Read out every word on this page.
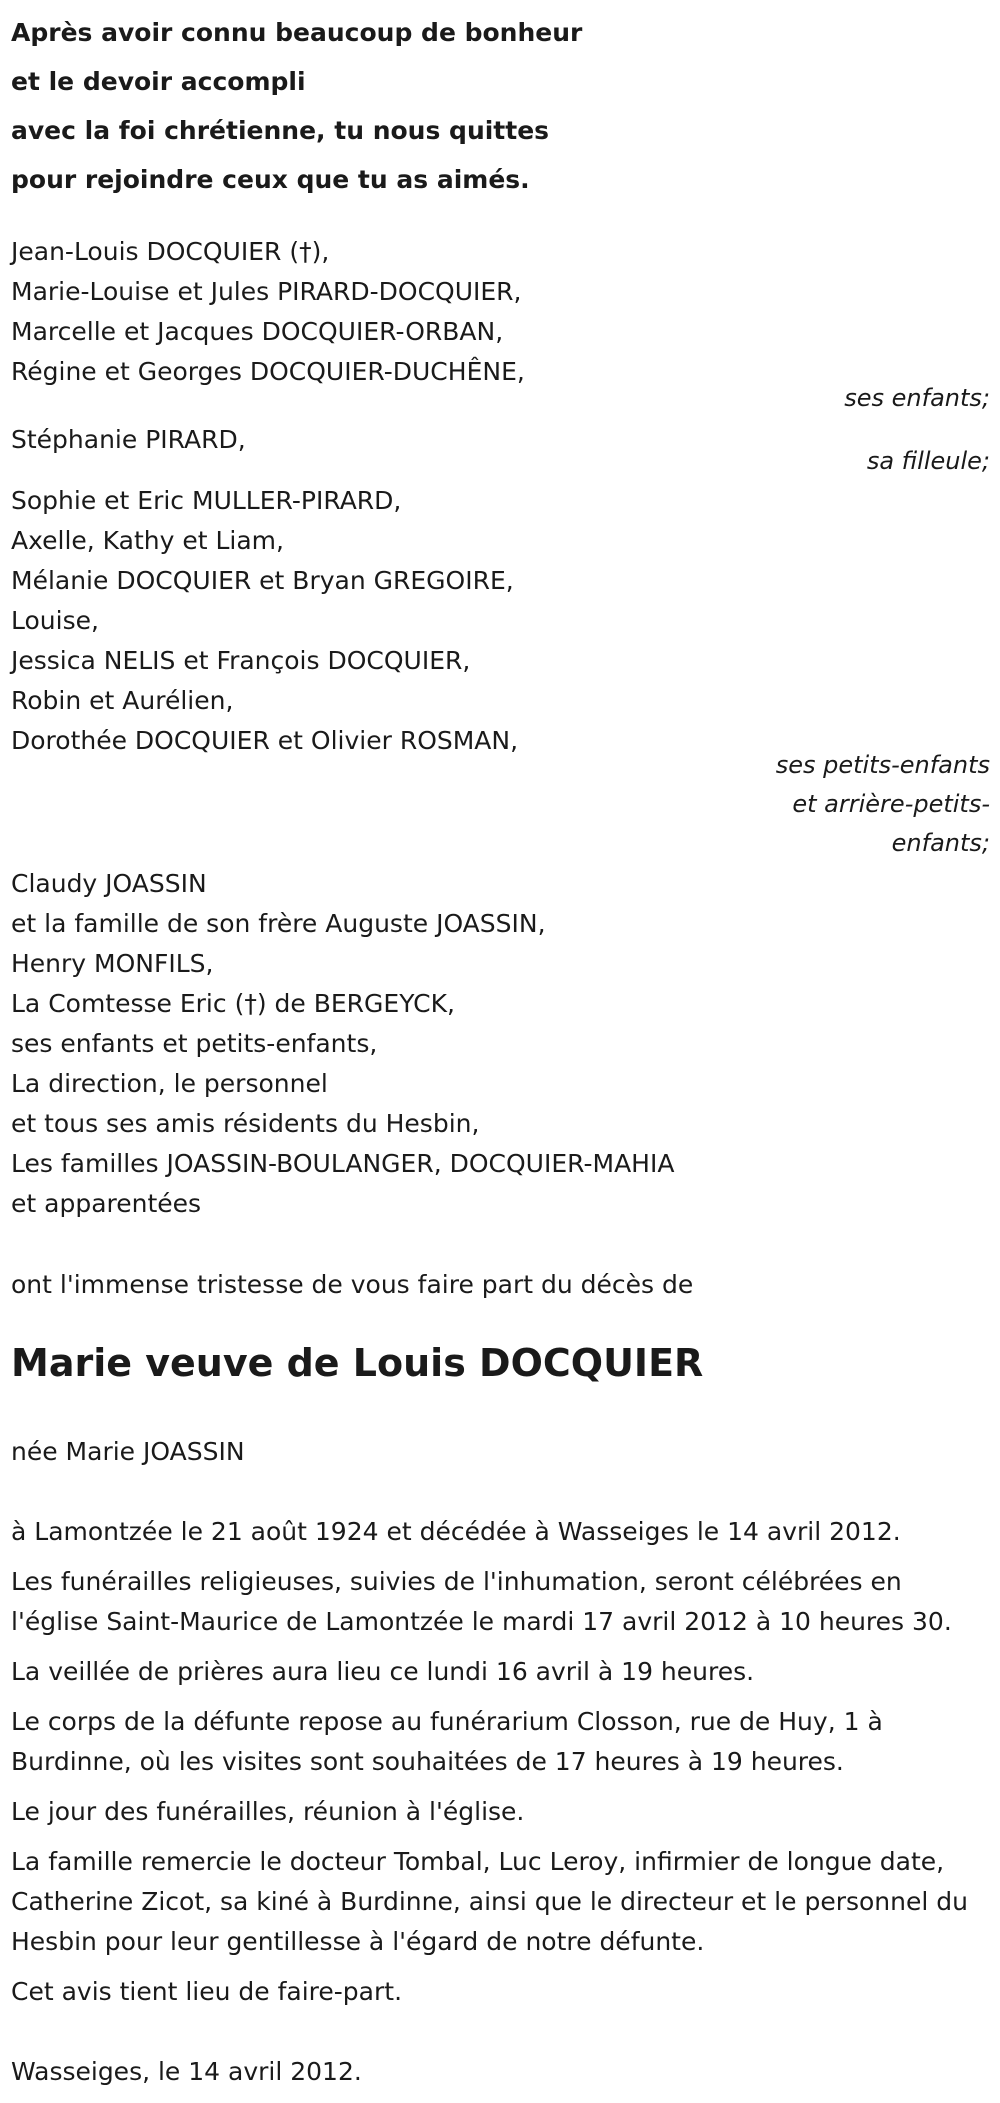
Après avoir connu beaucoup de bonheur
et le devoir accompli
avec la foi chrétienne, tu nous quittes
pour rejoindre ceux que tu as aimés.
Jean-Louis DOCQUIER (†),
Marie-Louise et Jules PIRARD-DOCQUIER,
Marcelle et Jacques DOCQUIER-ORBAN,
Régine et Georges DOCQUIER-DUCHÊNE,
ses enfants;
Stéphanie PIRARD,
sa filleule;
Sophie et Eric MULLER-PIRARD,
Axelle, Kathy et Liam,
Mélanie DOCQUIER et Bryan GREGOIRE,
Louise,
Jessica NELIS et François DOCQUIER,
Robin et Aurélien,
Dorothée DOCQUIER et Olivier ROSMAN,
ses petits-enfants
et arrière-petits-
enfants;
Claudy JOASSIN
et la famille de son frère Auguste JOASSIN,
Henry MONFILS,
La Comtesse Eric (†) de BERGEYCK,
ses enfants et petits-enfants,
La direction, le personnel
et tous ses amis résidents du Hesbin,
Les familles JOASSIN-BOULANGER, DOCQUIER-MAHIA
et apparentées
ont l'immense tristesse de vous faire part du décès de
Marie veuve de Louis DOCQUIER
née Marie JOASSIN
à Lamontzée le 21 août 1924 et décédée à Wasseiges le 14 avril 2012.
Les funérailles religieuses, suivies de l'inhumation, seront célébrées en l'église Saint-Maurice de Lamontzée le mardi 17 avril 2012 à 10 heures 30.
La veillée de prières aura lieu ce lundi 16 avril à 19 heures.
Le corps de la défunte repose au funérarium Closson, rue de Huy, 1 à Burdinne, où les visites sont souhaitées de 17 heures à 19 heures.
Le jour des funérailles, réunion à l'église.
La famille remercie le docteur Tombal, Luc Leroy, infirmier de longue date, Catherine Zicot, sa kiné à Burdinne, ainsi que le directeur et le personnel du Hesbin pour leur gentillesse à l'égard de notre défunte.
Cet avis tient lieu de faire-part.
Wasseiges, le 14 avril 2012.
